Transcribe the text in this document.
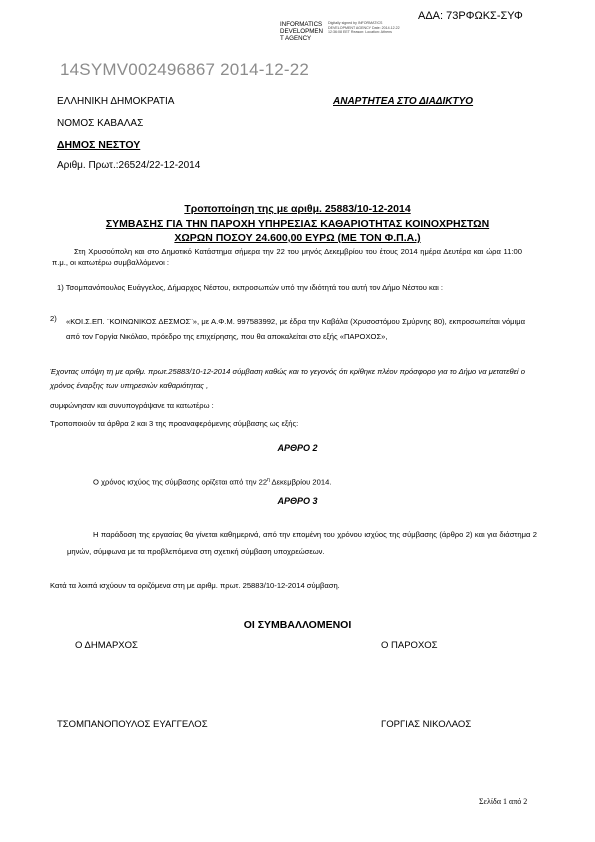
ΑΔΑ: 73ΡΦΩΚΣ-ΣΥΦ
INFORMATICS DEVELOPMEN T AGENCY
Digitally signed by INFORMATICS DEVELOPMENT AGENCY Date: 2014.12.22 12:36:08 EET Reason: Location: Athens
14SYMV002496867 2014-12-22
ΕΛΛΗΝΙΚΗ ΔΗΜΟΚΡΑΤΙΑ	ΑΝΑΡΤΗΤΕΑ ΣΤΟ ΔΙΑΔΙΚΤΥΟ
ΝΟΜΟΣ ΚΑΒΑΛΑΣ
ΔΗΜΟΣ ΝΕΣΤΟΥ
Αριθμ. Πρωτ.:26524/22-12-2014
Τροποποίηση της με αριθμ. 25883/10-12-2014
ΣΥΜΒΑΣΗΣ ΓΙΑ ΤΗΝ ΠΑΡΟΧΗ ΥΠΗΡΕΣΙΑΣ ΚΑΘΑΡΙΟΤΗΤΑΣ ΚΟΙΝΟΧΡΗΣΤΩΝ
ΧΩΡΩΝ ΠΟΣΟΥ 24.600,00 ΕΥΡΩ (ΜΕ ΤΟΝ Φ.Π.Α.)
Στη Χρυσούπολη και στο Δημοτικό Κατάστημα σήμερα την 22 του μηνός Δεκεμβρίου του έτους 2014 ημέρα Δευτέρα και ώρα 11:00 π.μ., οι κατωτέρω συμβαλλόμενοι :
1) Τσομπανόπουλος Ευάγγελος, Δήμαρχος Νέστου, εκπροσωπών υπό την ιδιότητά του αυτή τον Δήμο Νέστου και :
2) «ΚΟΙ.Σ.ΕΠ. ¨ΚΟΙΝΩΝΙΚΟΣ ΔΕΣΜΟΣ¨», με Α.Φ.Μ. 997583992, με έδρα την Καβάλα (Χρυσοστόμου Σμύρνης 80), εκπροσωπείται νόμιμα από τον Γοργία Νικόλαο, πρόεδρο της επιχείρησης, που θα αποκαλείται στο εξής «ΠΑΡΟΧΟΣ»,
Έχοντας υπόψη τη με αριθμ. πρωτ.25883/10-12-2014 σύμβαση καθώς και το γεγονός ότι κρίθηκε πλέον πρόσφορο για το Δήμο να μετατεθεί ο χρόνος έναρξης των υπηρεσιών καθαριότητας ,
συμφώνησαν και συνυπογράψανε τα κατωτέρω :
Τροποποιούν τα άρθρα 2 και 3 της προαναφερόμενης σύμβασης ως εξής:
ΑΡΘΡΟ 2
Ο χρόνος ισχύος της σύμβασης ορίζεται από την $22^\eta$ Δεκεμβρίου 2014.
ΑΡΘΡΟ 3
Η παράδοση της εργασίας θα γίνεται καθημερινά, από την επομένη του χρόνου ισχύος της σύμβασης (άρθρο 2) και για διάστημα 2 μηνών, σύμφωνα με τα προβλεπόμενα στη σχετική σύμβαση υποχρεώσεων.
Κατά τα λοιπά ισχύουν τα οριζόμενα στη με αριθμ. πρωτ. 25883/10-12-2014 σύμβαση.
ΟΙ ΣΥΜΒΑΛΛΟΜΕΝΟΙ
Ο ΔΗΜΑΡΧΟΣ	Ο ΠΑΡΟΧΟΣ
ΤΣΟΜΠΑΝΟΠΟΥΛΟΣ ΕΥΑΓΓΕΛΟΣ	ΓΟΡΓΙΑΣ ΝΙΚΟΛΑΟΣ
Σελίδα 1 από 2
